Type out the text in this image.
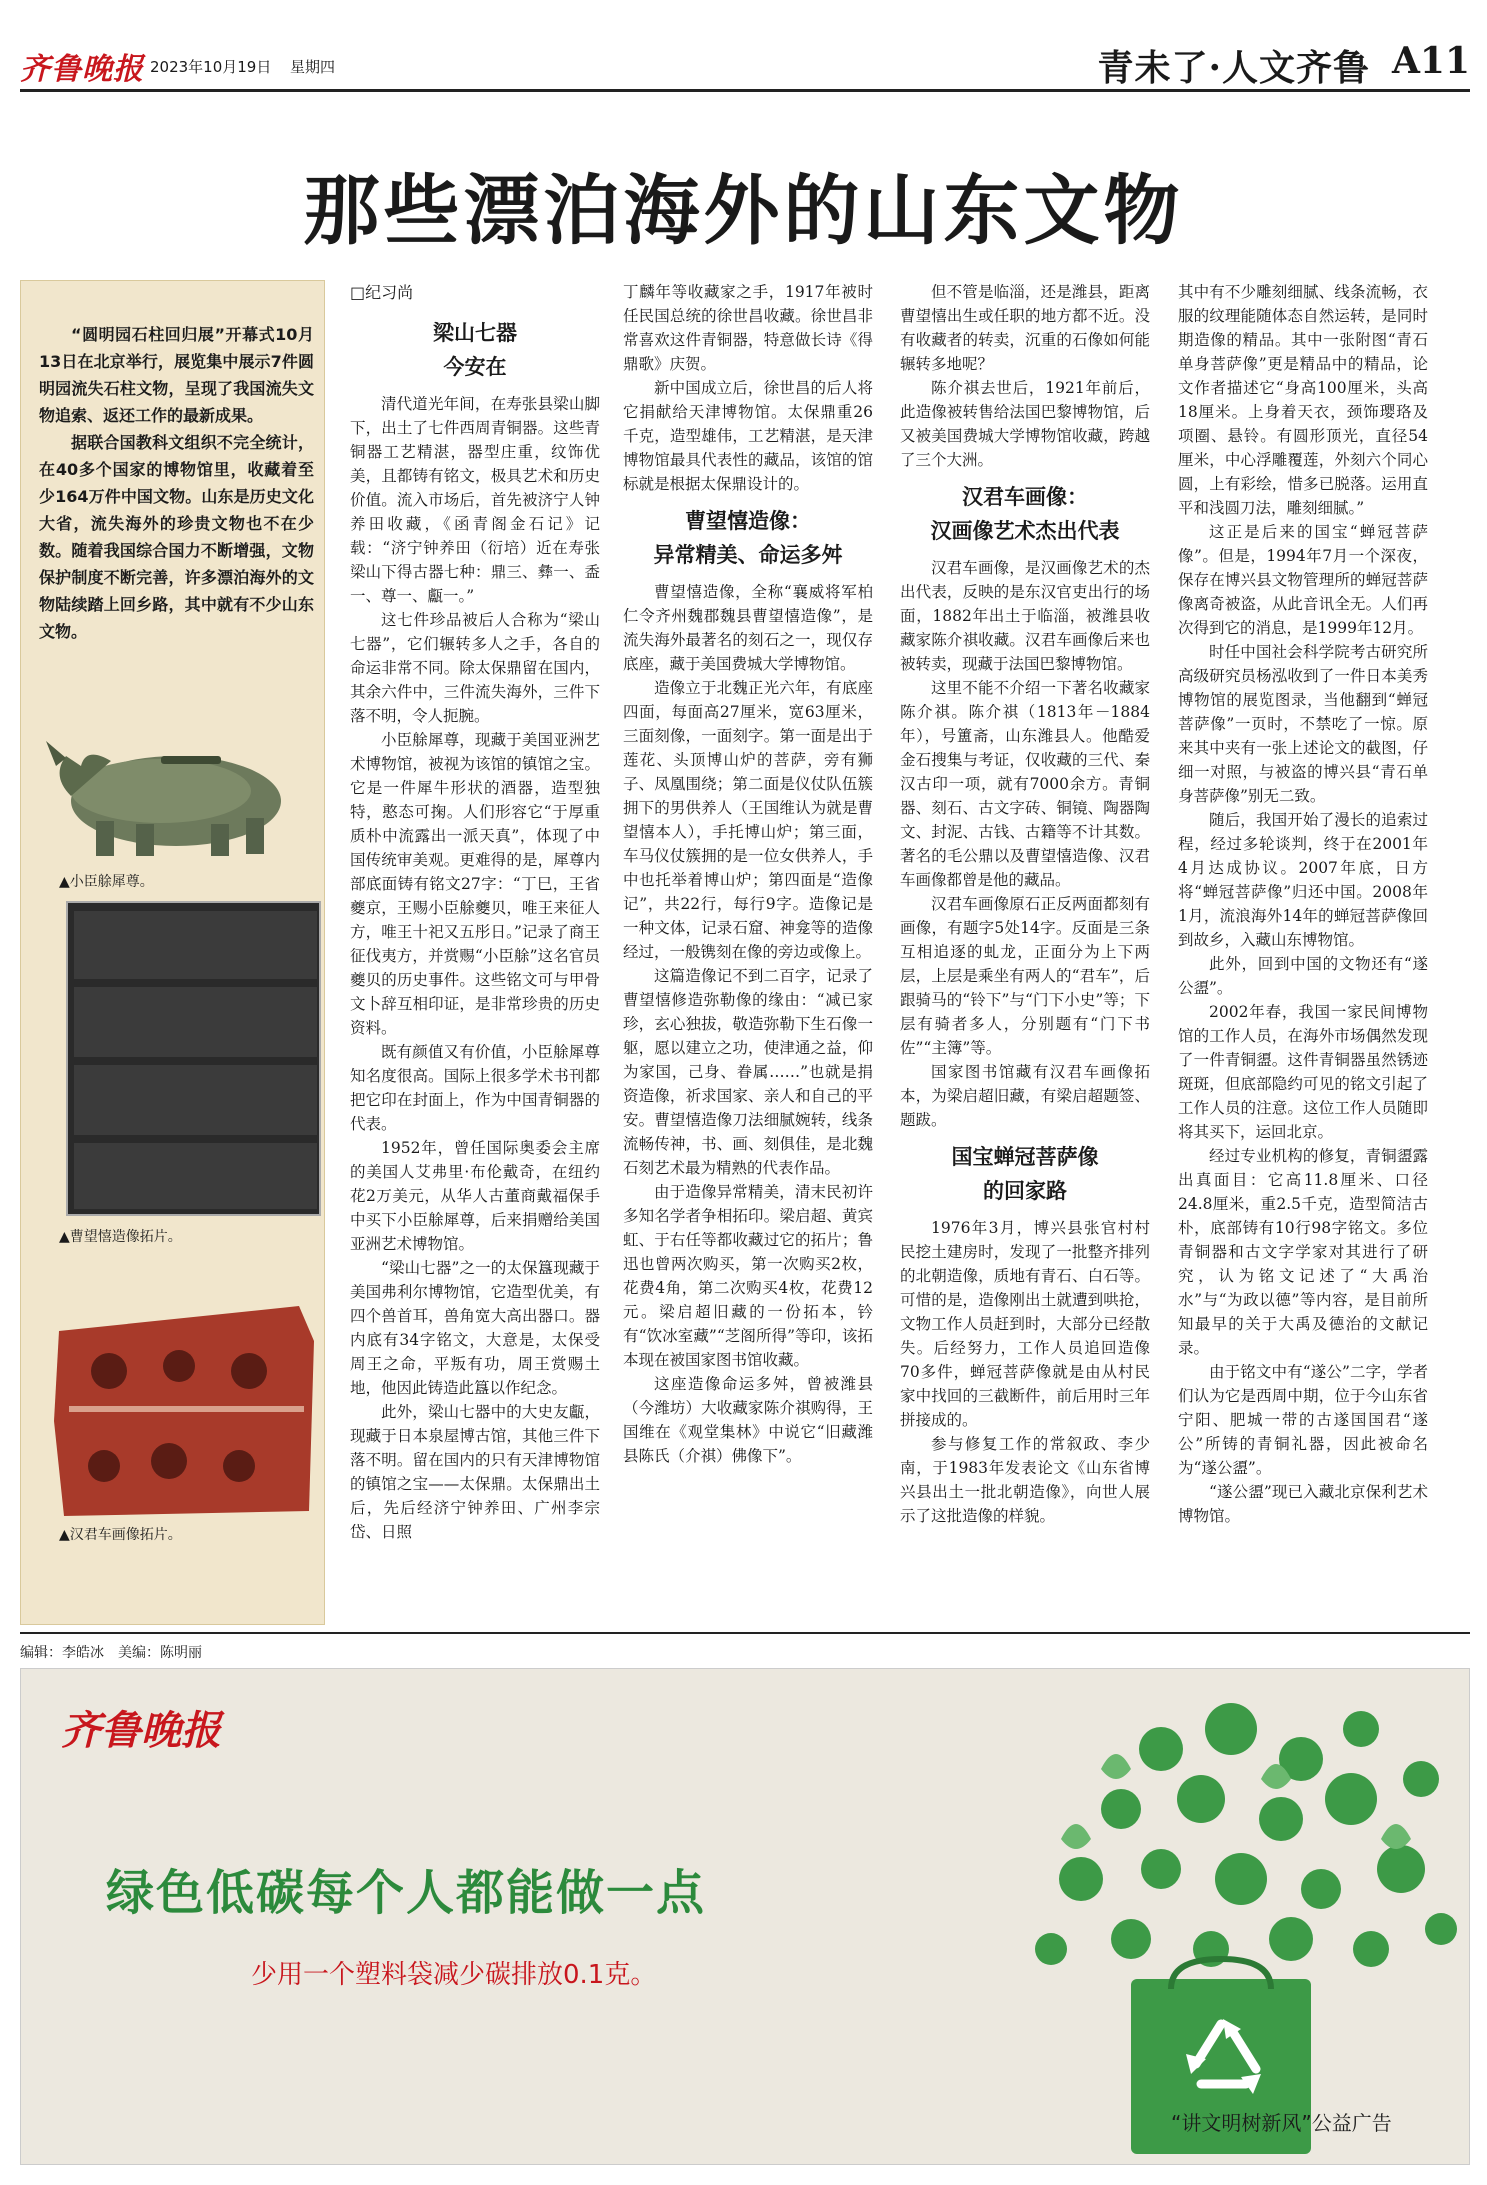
齐鲁晚报 2023年10月19日 星期四	青未了·人文齐鲁 A11
那些漂泊海外的山东文物

“圆明园石柱回归展”开幕式10月13日在北京举行，展览集中展示7件圆明园流失石柱文物，呈现了我国流失文物追索、返还工作的最新成果。

据联合国教科文组织不完全统计，在40多个国家的博物馆里，收藏着至少164万件中国文物。山东是历史文化大省，流失海外的珍贵文物也不在少数。随着我国综合国力不断增强，文物保护制度不断完善，许多漂泊海外的文物陆续踏上回乡路，其中就有不少山东文物。

▲小臣艅犀尊。
▲曹望憘造像拓片。
▲汉君车画像拓片。
□纪习尚
梁山七器
今安在

清代道光年间，在寿张县梁山脚下，出土了七件西周青铜器。这些青铜器工艺精湛，器型庄重，纹饰优美，且都铸有铭文，极具艺术和历史价值。流入市场后，首先被济宁人钟养田收藏，《函青阁金石记》记载：“济宁钟养田（衍培）近在寿张梁山下得古器七种：鼎三、彝一、盉一、尊一、甗一。”

这七件珍品被后人合称为“梁山七器”，它们辗转多人之手，各自的命运非常不同。除太保鼎留在国内，其余六件中，三件流失海外，三件下落不明，令人扼腕。

小臣艅犀尊，现藏于美国亚洲艺术博物馆，被视为该馆的镇馆之宝。它是一件犀牛形状的酒器，造型独特，憨态可掬。人们形容它“于厚重质朴中流露出一派天真”，体现了中国传统审美观。更难得的是，犀尊内部底面铸有铭文27字：“丁巳，王省夔京，王赐小臣艅夔贝，唯王来征人方，唯王十祀又五彤日。”记录了商王征伐夷方，并赏赐“小臣艅”这名官员夔贝的历史事件。这些铭文可与甲骨文卜辞互相印证，是非常珍贵的历史资料。

既有颜值又有价值，小臣艅犀尊知名度很高。国际上很多学术书刊都把它印在封面上，作为中国青铜器的代表。

1952年，曾任国际奥委会主席的美国人艾弗里·布伦戴奇，在纽约花2万美元，从华人古董商戴福保手中买下小臣艅犀尊，后来捐赠给美国亚洲艺术博物馆。

“梁山七器”之一的太保簋现藏于美国弗利尔博物馆，它造型优美，有四个兽首耳，兽角宽大高出器口。器内底有34字铭文，大意是，太保受周王之命，平叛有功，周王赏赐土地，他因此铸造此簋以作纪念。

此外，梁山七器中的大史友甗，现藏于日本泉屋博古馆，其他三件下落不明。留在国内的只有天津博物馆的镇馆之宝——太保鼎。太保鼎出土后，先后经济宁钟养田、广州李宗岱、日照

丁麟年等收藏家之手，1917年被时任民国总统的徐世昌收藏。徐世昌非常喜欢这件青铜器，特意做长诗《得鼎歌》庆贺。

新中国成立后，徐世昌的后人将它捐献给天津博物馆。太保鼎重26千克，造型雄伟，工艺精湛，是天津博物馆最具代表性的藏品，该馆的馆标就是根据太保鼎设计的。

曹望憘造像：
异常精美、命运多舛

曹望憘造像，全称“襄威将军柏仁令齐州魏郡魏县曹望憘造像”，是流失海外最著名的刻石之一，现仅存底座，藏于美国费城大学博物馆。

造像立于北魏正光六年，有底座四面，每面高27厘米，宽63厘米，三面刻像，一面刻字。第一面是出于莲花、头顶博山炉的菩萨，旁有狮子、凤凰围绕；第二面是仪仗队伍簇拥下的男供养人（王国维认为就是曹望憘本人），手托博山炉；第三面，车马仪仗簇拥的是一位女供养人，手中也托举着博山炉；第四面是“造像记”，共22行，每行9字。造像记是一种文体，记录石窟、神龛等的造像经过，一般镌刻在像的旁边或像上。

这篇造像记不到二百字，记录了曹望憘修造弥勒像的缘由：“减已家珍，玄心独拔，敬造弥勒下生石像一躯，愿以建立之功，使津通之益，仰为家国，己身、眷属……”也就是捐资造像，祈求国家、亲人和自己的平安。曹望憘造像刀法细腻婉转，线条流畅传神，书、画、刻俱佳，是北魏石刻艺术最为精熟的代表作品。

由于造像异常精美，清末民初许多知名学者争相拓印。梁启超、黄宾虹、于右任等都收藏过它的拓片；鲁迅也曾两次购买，第一次购买2枚，花费4角，第二次购买4枚，花费12元。梁启超旧藏的一份拓本，钤有“饮冰室藏”“芝阁所得”等印，该拓本现在被国家图书馆收藏。

这座造像命运多舛，曾被潍县（今潍坊）大收藏家陈介祺购得，王国维在《观堂集林》中说它“旧藏潍县陈氏（介祺）佛像下”。

但不管是临淄，还是潍县，距离曹望憘出生或任职的地方都不近。没有收藏者的转卖，沉重的石像如何能辗转多地呢？

陈介祺去世后，1921年前后，此造像被转售给法国巴黎博物馆，后又被美国费城大学博物馆收藏，跨越了三个大洲。

汉君车画像：
汉画像艺术杰出代表

汉君车画像，是汉画像艺术的杰出代表，反映的是东汉官吏出行的场面，1882年出土于临淄，被潍县收藏家陈介祺收藏。汉君车画像后来也被转卖，现藏于法国巴黎博物馆。

这里不能不介绍一下著名收藏家陈介祺。陈介祺（1813年－1884年），号簠斋，山东潍县人。他酷爱金石搜集与考证，仅收藏的三代、秦汉古印一项，就有7000余方。青铜器、刻石、古文字砖、铜镜、陶器陶文、封泥、古钱、古籍等不计其数。著名的毛公鼎以及曹望憘造像、汉君车画像都曾是他的藏品。

汉君车画像原石正反两面都刻有画像，有题字5处14字。反面是三条互相追逐的虬龙，正面分为上下两层，上层是乘坐有两人的“君车”，后跟骑马的“铃下”与“门下小史”等；下层有骑者多人，分别题有“门下书佐”“主簿”等。

国家图书馆藏有汉君车画像拓本，为梁启超旧藏，有梁启超题签、题跋。

国宝蝉冠菩萨像
的回家路

1976年3月，博兴县张官村村民挖土建房时，发现了一批整齐排列的北朝造像，质地有青石、白石等。可惜的是，造像刚出土就遭到哄抢，文物工作人员赶到时，大部分已经散失。后经努力，工作人员追回造像70多件，蝉冠菩萨像就是由从村民家中找回的三截断件，前后用时三年拼接成的。

参与修复工作的常叙政、李少南，于1983年发表论文《山东省博兴县出土一批北朝造像》，向世人展示了这批造像的样貌。

其中有不少雕刻细腻、线条流畅，衣服的纹理能随体态自然运转，是同时期造像的精品。其中一张附图“青石单身菩萨像”更是精品中的精品，论文作者描述它“身高100厘米，头高18厘米。上身着天衣，颈饰璎珞及项圈、悬铃。有圆形顶光，直径54厘米，中心浮雕覆莲，外刻六个同心圆，上有彩绘，惜多已脱落。运用直平和浅圆刀法，雕刻细腻。”

这正是后来的国宝“蝉冠菩萨像”。但是，1994年7月一个深夜，保存在博兴县文物管理所的蝉冠菩萨像离奇被盗，从此音讯全无。人们再次得到它的消息，是1999年12月。

时任中国社会科学院考古研究所高级研究员杨泓收到了一件日本美秀博物馆的展览图录，当他翻到“蝉冠菩萨像”一页时，不禁吃了一惊。原来其中夹有一张上述论文的截图，仔细一对照，与被盗的博兴县“青石单身菩萨像”别无二致。

随后，我国开始了漫长的追索过程，经过多轮谈判，终于在2001年4月达成协议。2007年底，日方将“蝉冠菩萨像”归还中国。2008年1月，流浪海外14年的蝉冠菩萨像回到故乡，入藏山东博物馆。

此外，回到中国的文物还有“遂公盨”。

2002年春，我国一家民间博物馆的工作人员，在海外市场偶然发现了一件青铜盨。这件青铜器虽然锈迹斑斑，但底部隐约可见的铭文引起了工作人员的注意。这位工作人员随即将其买下，运回北京。

经过专业机构的修复，青铜盨露出真面目：它高11.8厘米、口径24.8厘米，重2.5千克，造型简洁古朴，底部铸有10行98字铭文。多位青铜器和古文字学家对其进行了研究，认为铭文记述了“大禹治水”与“为政以德”等内容，是目前所知最早的关于大禹及德治的文献记录。

由于铭文中有“遂公”二字，学者们认为它是西周中期，位于今山东省宁阳、肥城一带的古遂国国君“遂公”所铸的青铜礼器，因此被命名为“遂公盨”。

“遂公盨”现已入藏北京保利艺术博物馆。

编辑：李皓冰　美编：陈明丽
齐鲁晚报
绿色低碳每个人都能做一点
少用一个塑料袋减少碳排放0.1克。
“讲文明树新风”公益广告
